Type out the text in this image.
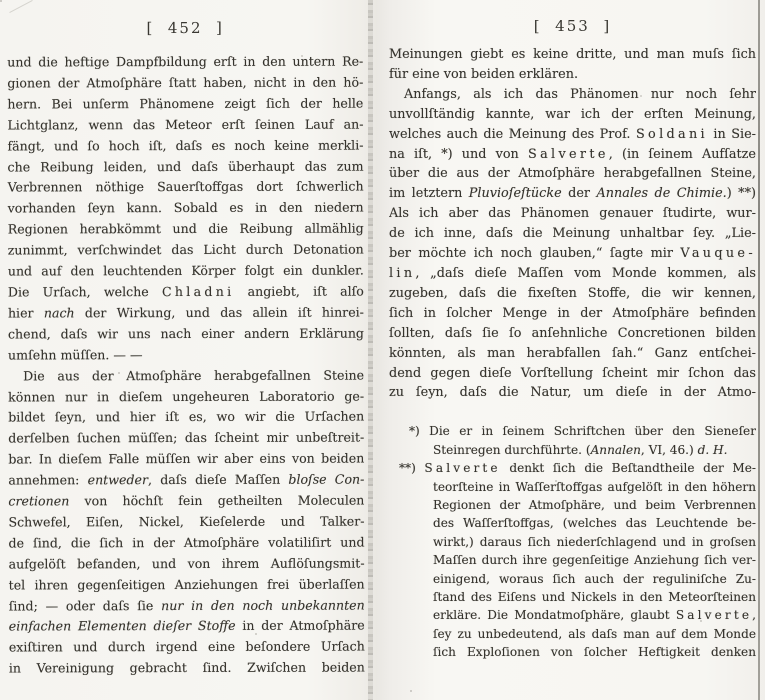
[  452  ]
und die heftige Dampfbildung erſt in den untern Re-
gionen der Atmoſphäre ſtatt haben, nicht in den hö-
hern. Bei unſerm Phänomene zeigt ſich der helle
Lichtglanz, wenn das Meteor erſt ſeinen Lauf an-
fängt, und ſo hoch iſt, daſs es noch keine merkli-
che Reibung leiden, und daſs überhaupt das zum
Verbrennen nöthige Sauerſtoffgas dort ſchwerlich
vorhanden ſeyn kann. Sobald es in den niedern
Regionen herabkömmt und die Reibung allmählig
zunimmt, verſchwindet das Licht durch Detonation
und auf den leuchtenden Körper folgt ein dunkler.
Die Urſach, welche Chladni angiebt, iſt alſo
hier nach der Wirkung, und das allein iſt hinrei-
chend, daſs wir uns nach einer andern Erklärung
umſehn müſſen. — —
Die aus der Atmoſphäre herabgefallnen Steine
können nur in dieſem ungeheuren Laboratorio ge-
bildet ſeyn, und hier iſt es, wo wir die Urſachen
derſelben ſuchen müſſen; das ſcheint mir unbeſtreit-
bar. In dieſem Falle müſſen wir aber eins von beiden
annehmen: entweder, daſs dieſe Maſſen bloſse Con-
cretionen von höchſt fein getheilten Moleculen
Schwefel, Eiſen, Nickel, Kieſelerde und Talker-
de ſind, die ſich in der Atmoſphäre volatiliſirt und
aufgelöſt befanden, und von ihrem Auflöſungsmit-
tel ihren gegenſeitigen Anziehungen frei überlaſſen
ſind; — oder daſs ſie nur in den noch unbekannten
einfachen Elementen dieſer Stoffe in der Atmoſphäre
exiſtiren und durch irgend eine beſondere Urſach
in Vereinigung gebracht ſind. Zwiſchen beiden
[  453  ]
Meinungen giebt es keine dritte, und man muſs ſich
für eine von beiden erklären.
Anfangs, als ich das Phänomen nur noch ſehr
unvollſtändig kannte, war ich der erſten Meinung,
welches auch die Meinung des Prof. Soldani in Sie-
na iſt, *) und von Salverte, (in ſeinem Aufſatze
über die aus der Atmoſphäre herabgefallnen Steine,
im letztern Pluvioſeſtücke der Annales de Chimie.) **)
Als ich aber das Phänomen genauer ſtudirte, wur-
de ich inne, daſs die Meinung unhaltbar ſey. „Lie-
ber möchte ich noch glauben,“ ſagte mir Vauque-
lin, „daſs dieſe Maſſen vom Monde kommen, als
zugeben, daſs die fixeſten Stoffe, die wir kennen,
ſich in ſolcher Menge in der Atmoſphäre befinden
ſollten, daſs ſie ſo anſehnliche Concretionen bilden
könnten, als man herabfallen ſah.“ Ganz entſchei-
dend gegen dieſe Vorſtellung ſcheint mir ſchon das
zu ſeyn, daſs die Natur, um dieſe in der Atmo-
*) Die er in ſeinem Schriftchen über den Sieneſer
Steinregen durchführte. (Annalen, VI, 46.) d. H.
**) Salverte denkt ſich die Beſtandtheile der Me-
teorſteine in Waſſerſtoffgas aufgelöſt in den höhern
Regionen der Atmoſphäre, und beim Verbrennen
des Waſſerſtoffgas, (welches das Leuchtende be-
wirkt,) daraus ſich niederſchlagend und in groſsen
Maſſen durch ihre gegenſeitige Anziehung ſich ver-
einigend, woraus ſich auch der reguliniſche Zu-
ſtand des Eiſens und Nickels in den Meteorſteinen
erkläre. Die Mondatmoſphäre, glaubt Salverte,
ſey zu unbedeutend, als daſs man auf dem Monde
ſich Exploſionen von ſolcher Heftigkeit denken
